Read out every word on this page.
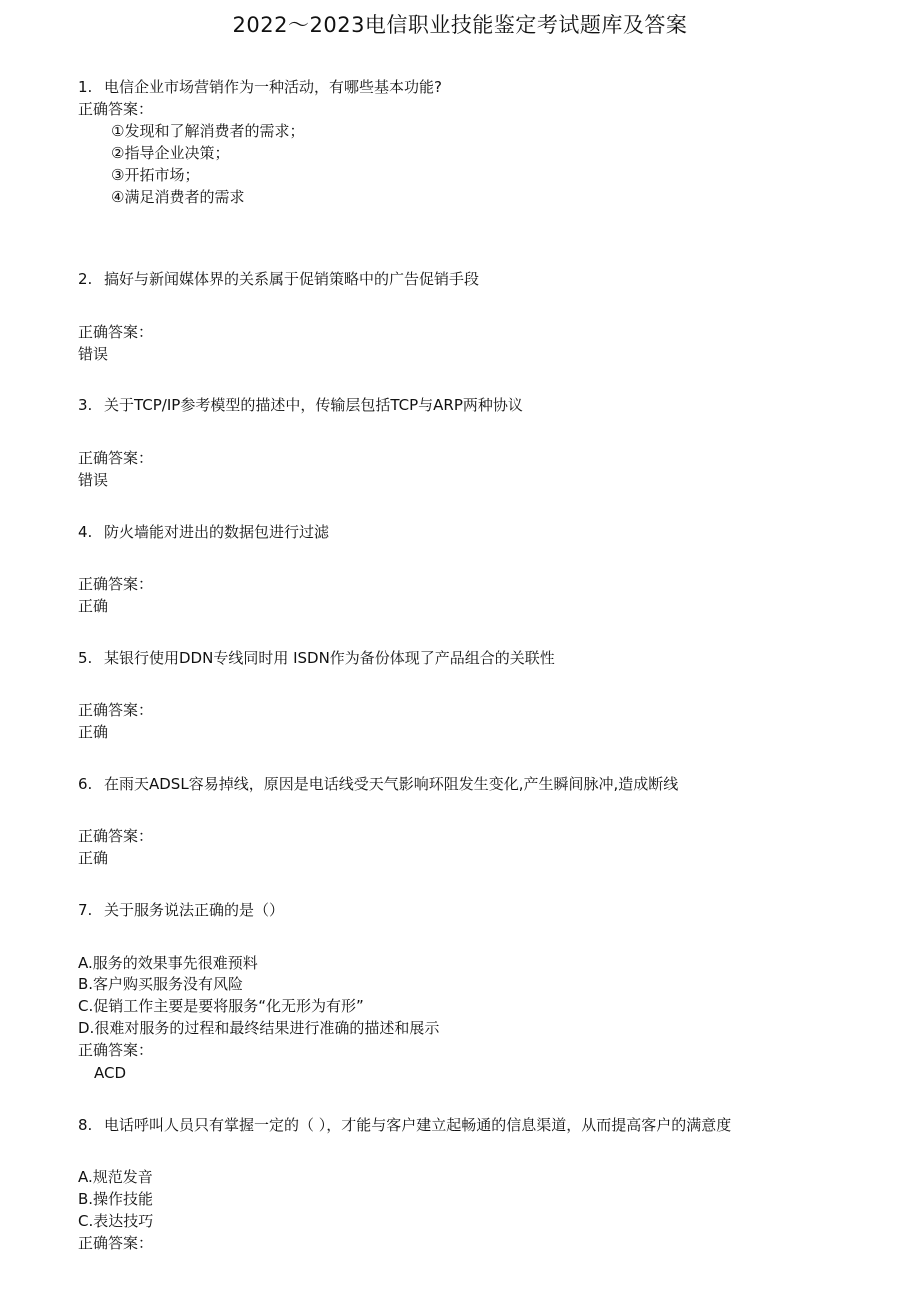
2022～2023电信职业技能鉴定考试题库及答案
1. 电信企业市场营销作为一种活动，有哪些基本功能?
正确答案：
①发现和了解消费者的需求；
②指导企业决策；
③开拓市场；
④满足消费者的需求
2. 搞好与新闻媒体界的关系属于促销策略中的广告促销手段
正确答案：
错误
3. 关于TCP/IP参考模型的描述中，传输层包括TCP与ARP两种协议
正确答案：
错误
4. 防火墙能对进出的数据包进行过滤
正确答案：
正确
5. 某银行使用DDN专线同时用 ISDN作为备份体现了产品组合的关联性
正确答案：
正确
6. 在雨天ADSL容易掉线，原因是电话线受天气影响环阻发生变化,产生瞬间脉冲,造成断线
正确答案：
正确
7. 关于服务说法正确的是（）
A.服务的效果事先很难预料
B.客户购买服务没有风险
C.促销工作主要是要将服务“化无形为有形”
D.很难对服务的过程和最终结果进行准确的描述和展示
正确答案：
ACD
8. 电话呼叫人员只有掌握一定的（ ），才能与客户建立起畅通的信息渠道，从而提高客户的满意度
A.规范发音
B.操作技能
C.表达技巧
正确答案：
